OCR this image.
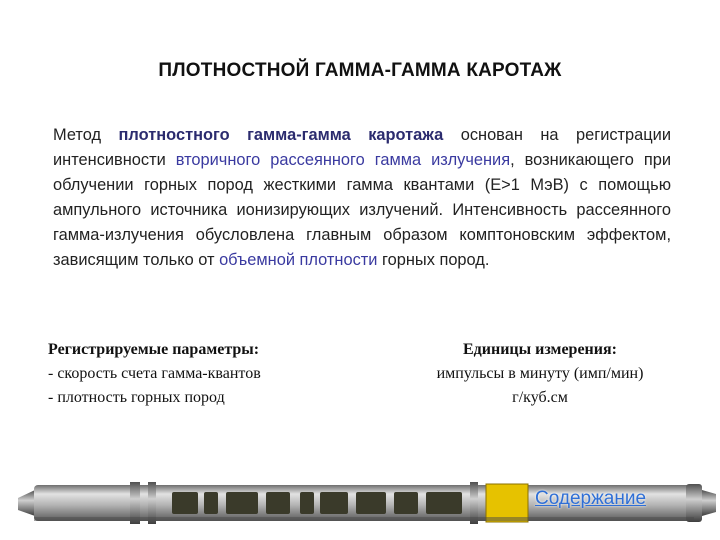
ПЛОТНОСТНОЙ ГАММА-ГАММА КАРОТАЖ
Метод плотностного гамма-гамма каротажа основан на регистрации интенсивности вторичного рассеянного гамма излучения, возникающего при облучении горных пород жесткими гамма квантами (E>1 МэВ) с помощью ампульного источника ионизирующих излучений. Интенсивность рассеянного гамма-излучения обусловлена главным образом комптоновским эффектом, зависящим только от объемной плотности горных пород.
Регистрируемые параметры:
- скорость счета гамма-квантов
- плотность горных пород
Единицы измерения:
импульсы в минуту (имп/мин)
г/куб.см
Содержание
